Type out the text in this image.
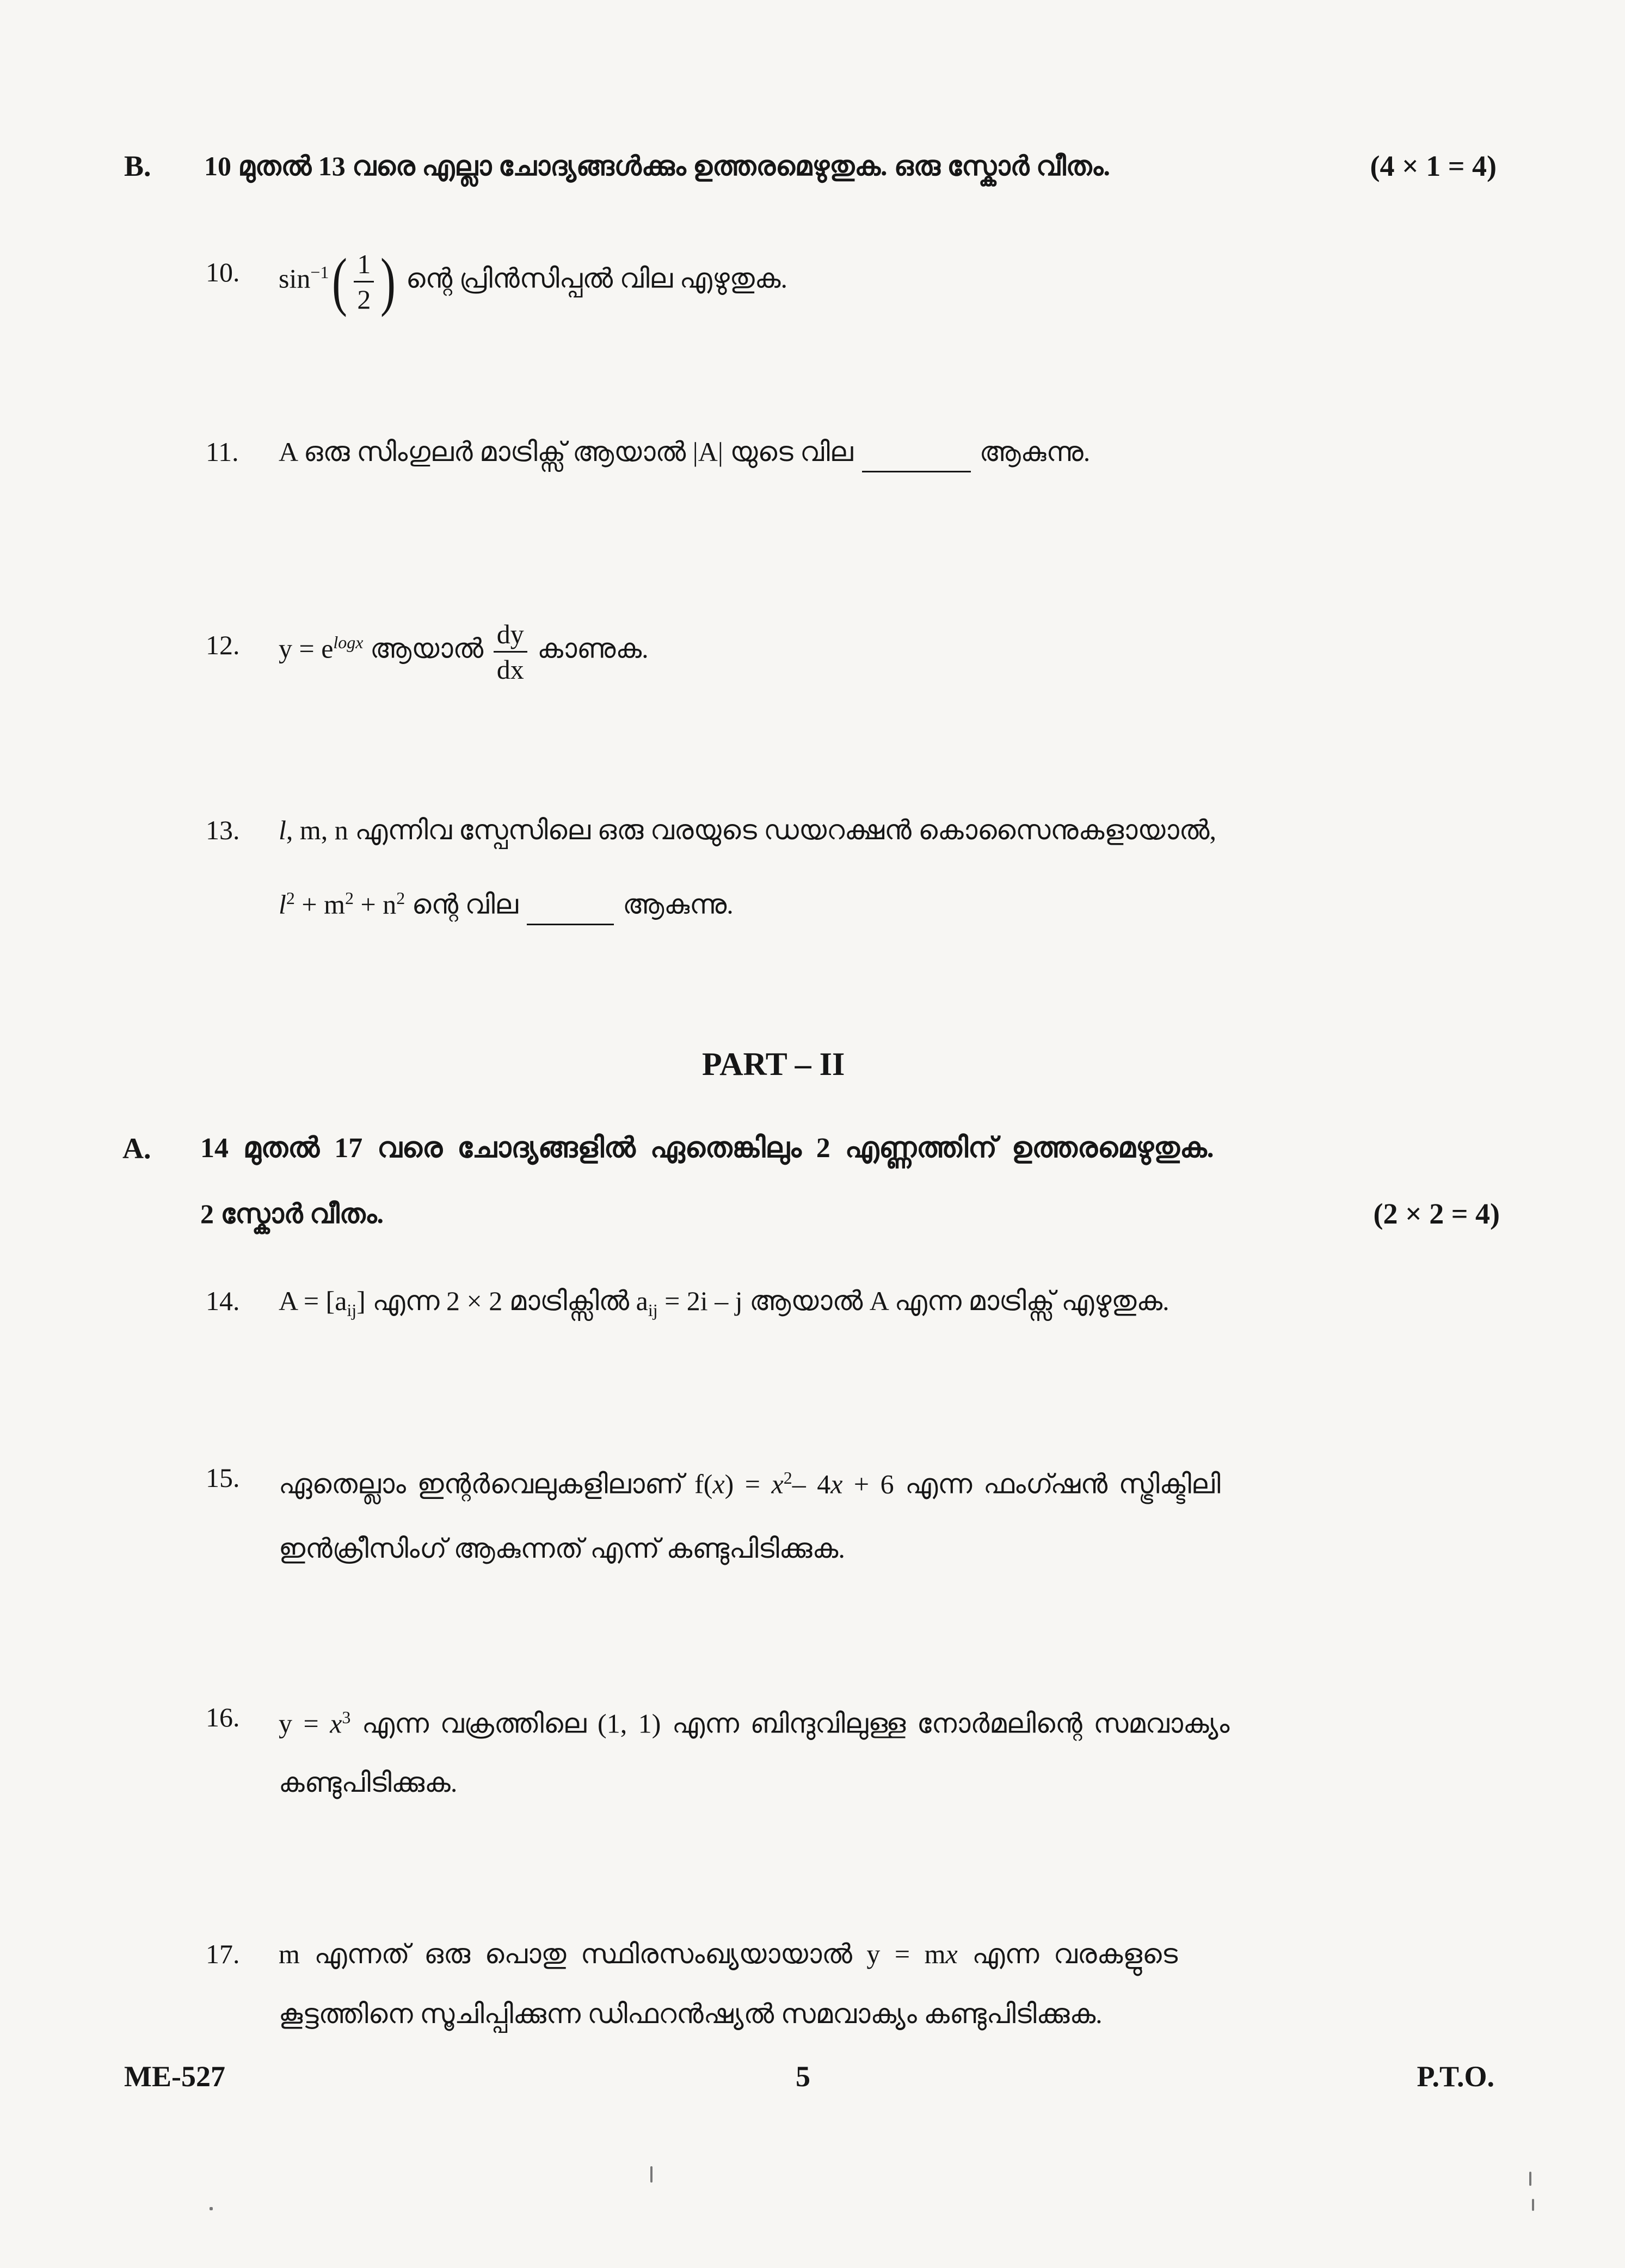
B. 10 മുതൽ 13 വരെ എല്ലാ ചോദ്യങ്ങൾക്കും ഉത്തരമെഴുതുക. ഒരു സ്കോർ വീതം.	(4 × 1 = 4)
10. $\sin^{-1}( \frac{1}{2}$ ) ന്റെ പ്രിൻസിപ്പൽ വില എഴുതുക.
11. A ഒരു സിംഗുലർ മാട്രിക്സ് ആയാൽ |A| യുടെ വില	ആകുന്നു.
12. $y = e^{logx}$ ആയാൽ $\frac{dy}{dx}$ കാണുക.
13. l, m, n എന്നിവ സ്പേസിലെ ഒരു വരയുടെ ഡയറക്ഷൻ കൊസൈനുകളായാൽ,
$l^2 + m^2 + n^2$ ന്റെ വില	ആകുന്നു.
PART – II
A. 14 മുതൽ 17 വരെ ചോദ്യങ്ങളിൽ ഏതെങ്കിലും 2 എണ്ണത്തിന് ഉത്തരമെഴുതുക.
2 സ്കോർ വീതം.	(2 × 2 = 4)
14. $A = [a_{ij}]$ എന്ന 2 × 2 മാട്രിക്സിൽ $a_{ij} = 2i - j$ ആയാൽ A എന്ന മാട്രിക്സ് എഴുതുക.
15. ഏതെല്ലാം ഇന്റർവെലുകളിലാണ് $f(x) = x^2-$ 4x + 6 എന്ന ഫംഗ്ഷൻ സ്ട്രിക്ടിലി
ഇൻക്രീസിംഗ് ആകുന്നത് എന്ന് കണ്ടുപിടിക്കുക.
16. $y = x^3$ എന്ന വക്രത്തിലെ (1, 1) എന്ന ബിന്ദുവിലുള്ള നോർമലിന്റെ സമവാക്യം
കണ്ടുപിടിക്കുക.
17. m എന്നത് ഒരു പൊതു സ്ഥിരസംഖ്യയായാൽ y = mx എന്ന വരകളുടെ
കൂട്ടത്തിനെ സൂചിപ്പിക്കുന്ന ഡിഫറൻഷ്യൽ സമവാക്യം കണ്ടുപിടിക്കുക.
ME-527	5	P.T.O.
